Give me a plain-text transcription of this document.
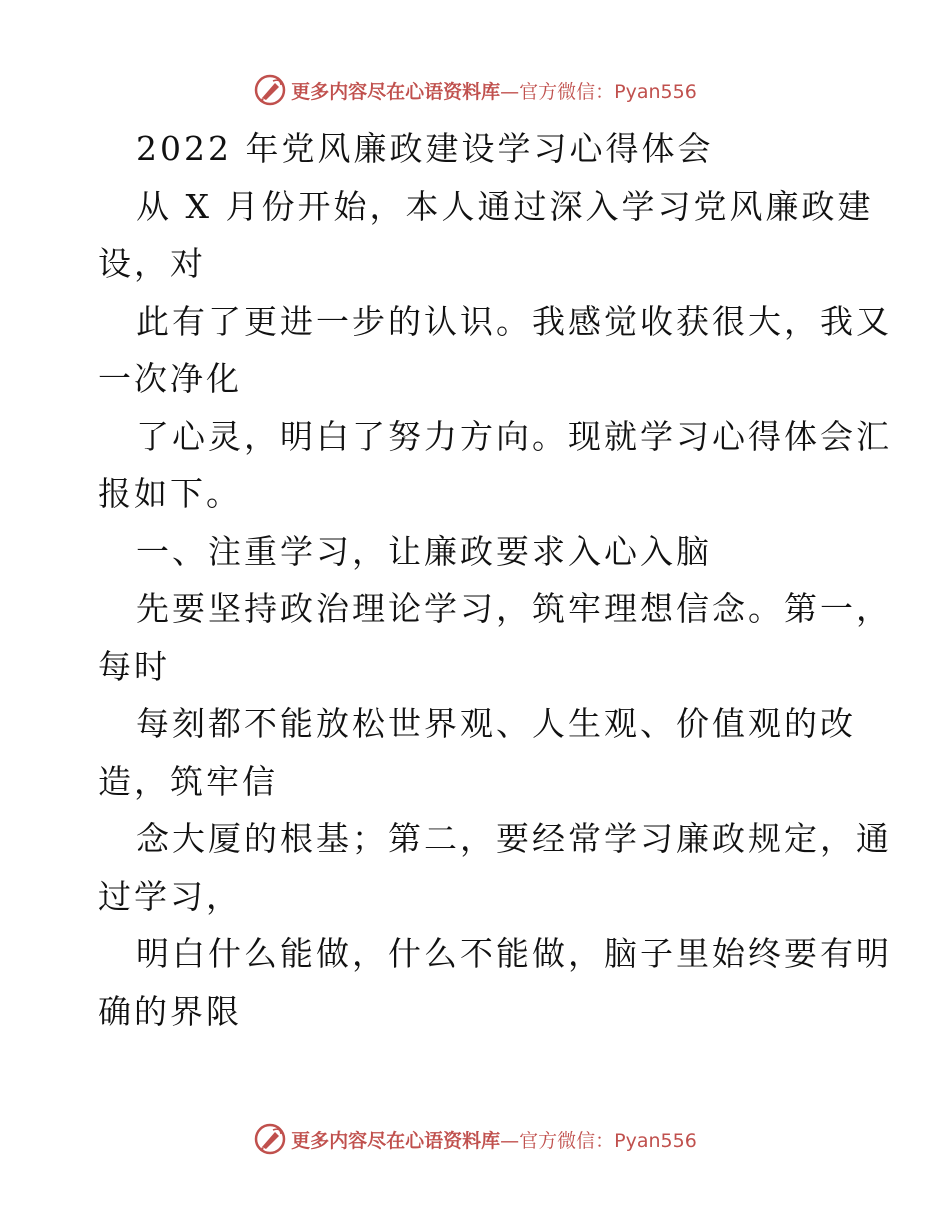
更多内容尽在心语资料库—官方微信：Pyan556
2022 年党风廉政建设学习心得体会
从 X 月份开始，本人通过深入学习党风廉政建
设，对
此有了更进一步的认识。我感觉收获很大，我又
一次净化
了心灵，明白了努力方向。现就学习心得体会汇
报如下。
一、注重学习，让廉政要求入心入脑
先要坚持政治理论学习，筑牢理想信念。第一，
每时
每刻都不能放松世界观、人生观、价值观的改
造，筑牢信
念大厦的根基；第二，要经常学习廉政规定，通
过学习，
明白什么能做，什么不能做，脑子里始终要有明
确的界限
更多内容尽在心语资料库—官方微信：Pyan556
